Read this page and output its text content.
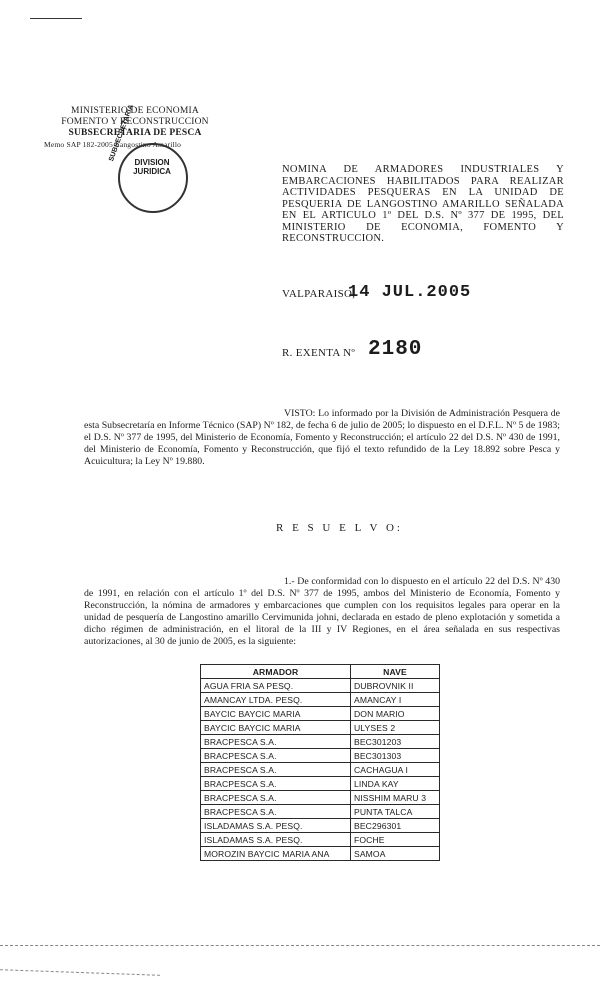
MINISTERIO DE ECONOMIA
FOMENTO Y RECONSTRUCCION
SUBSECRETARIA DE PESCA
Memo SAP 182-2005 Langostino Amarillo
DIVISION
JURIDICA
SUBSECRETARIA
NOMINA DE ARMADORES INDUSTRIALES Y EMBARCACIONES HABILITADOS PARA REALIZAR ACTIVIDADES PESQUERAS EN LA UNIDAD DE PESQUERIA DE LANGOSTINO AMARILLO SEÑALADA EN EL ARTICULO 1º DEL D.S. Nº 377 DE 1995, DEL MINISTERIO DE ECONOMIA, FOMENTO Y RECONSTRUCCION.
VALPARAISO,
14 JUL.2005
R. EXENTA Nº 2180
VISTO: Lo informado por la División de Administración Pesquera de esta Subsecretaría en Informe Técnico (SAP) Nº 182, de fecha 6 de julio de 2005; lo dispuesto en el D.F.L. Nº 5 de 1983; el D.S. Nº 377 de 1995, del Ministerio de Economía, Fomento y Reconstrucción; el artículo 22 del D.S. Nº 430 de 1991, del Ministerio de Economía, Fomento y Reconstrucción, que fijó el texto refundido de la Ley 18.892 sobre Pesca y Acuicultura; la Ley Nº 19.880.
R E S U E L V O:
1.- De conformidad con lo dispuesto en el artículo 22 del D.S. Nº 430 de 1991, en relación con el artículo 1º del D.S. Nº 377 de 1995, ambos del Ministerio de Economía, Fomento y Reconstrucción, la nómina de armadores y embarcaciones que cumplen con los requisitos legales para operar en la unidad de pesquería de Langostino amarillo Cervimunida johni, declarada en estado de pleno explotación y sometida a dicho régimen de administración, en el litoral de la III y IV Regiones, en el área señalada en sus respectivas autorizaciones, al 30 de junio de 2005, es la siguiente:
ARMADOR	NAVE
AGUA FRIA SA PESQ.	DUBROVNIK II
AMANCAY LTDA. PESQ.	AMANCAY I
BAYCIC BAYCIC MARIA	DON MARIO
BAYCIC BAYCIC MARIA	ULYSES 2
BRACPESCA S.A.	BEC301203
BRACPESCA S.A.	BEC301303
BRACPESCA S.A.	CACHAGUA I
BRACPESCA S.A.	LINDA KAY
BRACPESCA S.A.	NISSHIM MARU 3
BRACPESCA S.A.	PUNTA TALCA
ISLADAMAS S.A. PESQ.	BEC296301
ISLADAMAS S.A. PESQ.	FOCHE
MOROZIN BAYCIC MARIA ANA	SAMOA
